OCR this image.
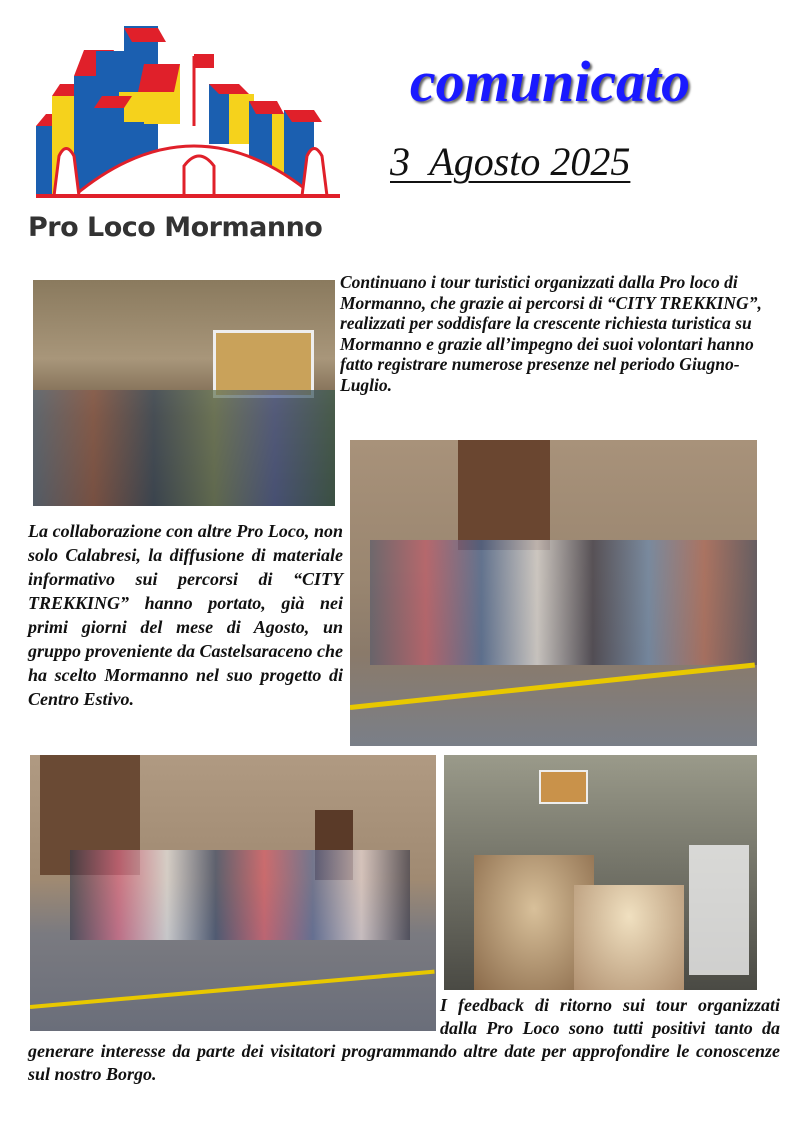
Pro Loco Mormanno
comunicato
3  Agosto 2025
Continuano i tour turistici organizzati dalla Pro loco di Mormanno, che grazie ai percorsi di “CITY TREKKING”, realizzati per soddisfare la crescente richiesta turistica su Mormanno e grazie all’impegno dei suoi volontari hanno fatto registrare numerose presenze nel periodo Giugno-Luglio.
La collaborazione con altre Pro Loco, non solo Calabresi, la diffusione di materiale informativo sui percorsi di “CITY TREKKING” hanno portato, già nei primi giorni del mese di Agosto, un gruppo proveniente da Castelsaraceno che ha scelto Mormanno nel suo progetto di Centro Estivo.
I feedback di ritorno sui tour organizzati dalla Pro Loco sono tutti positivi tanto da generare interesse da parte dei visitatori programmando altre date per approfondire le conoscenze sul nostro Borgo.
